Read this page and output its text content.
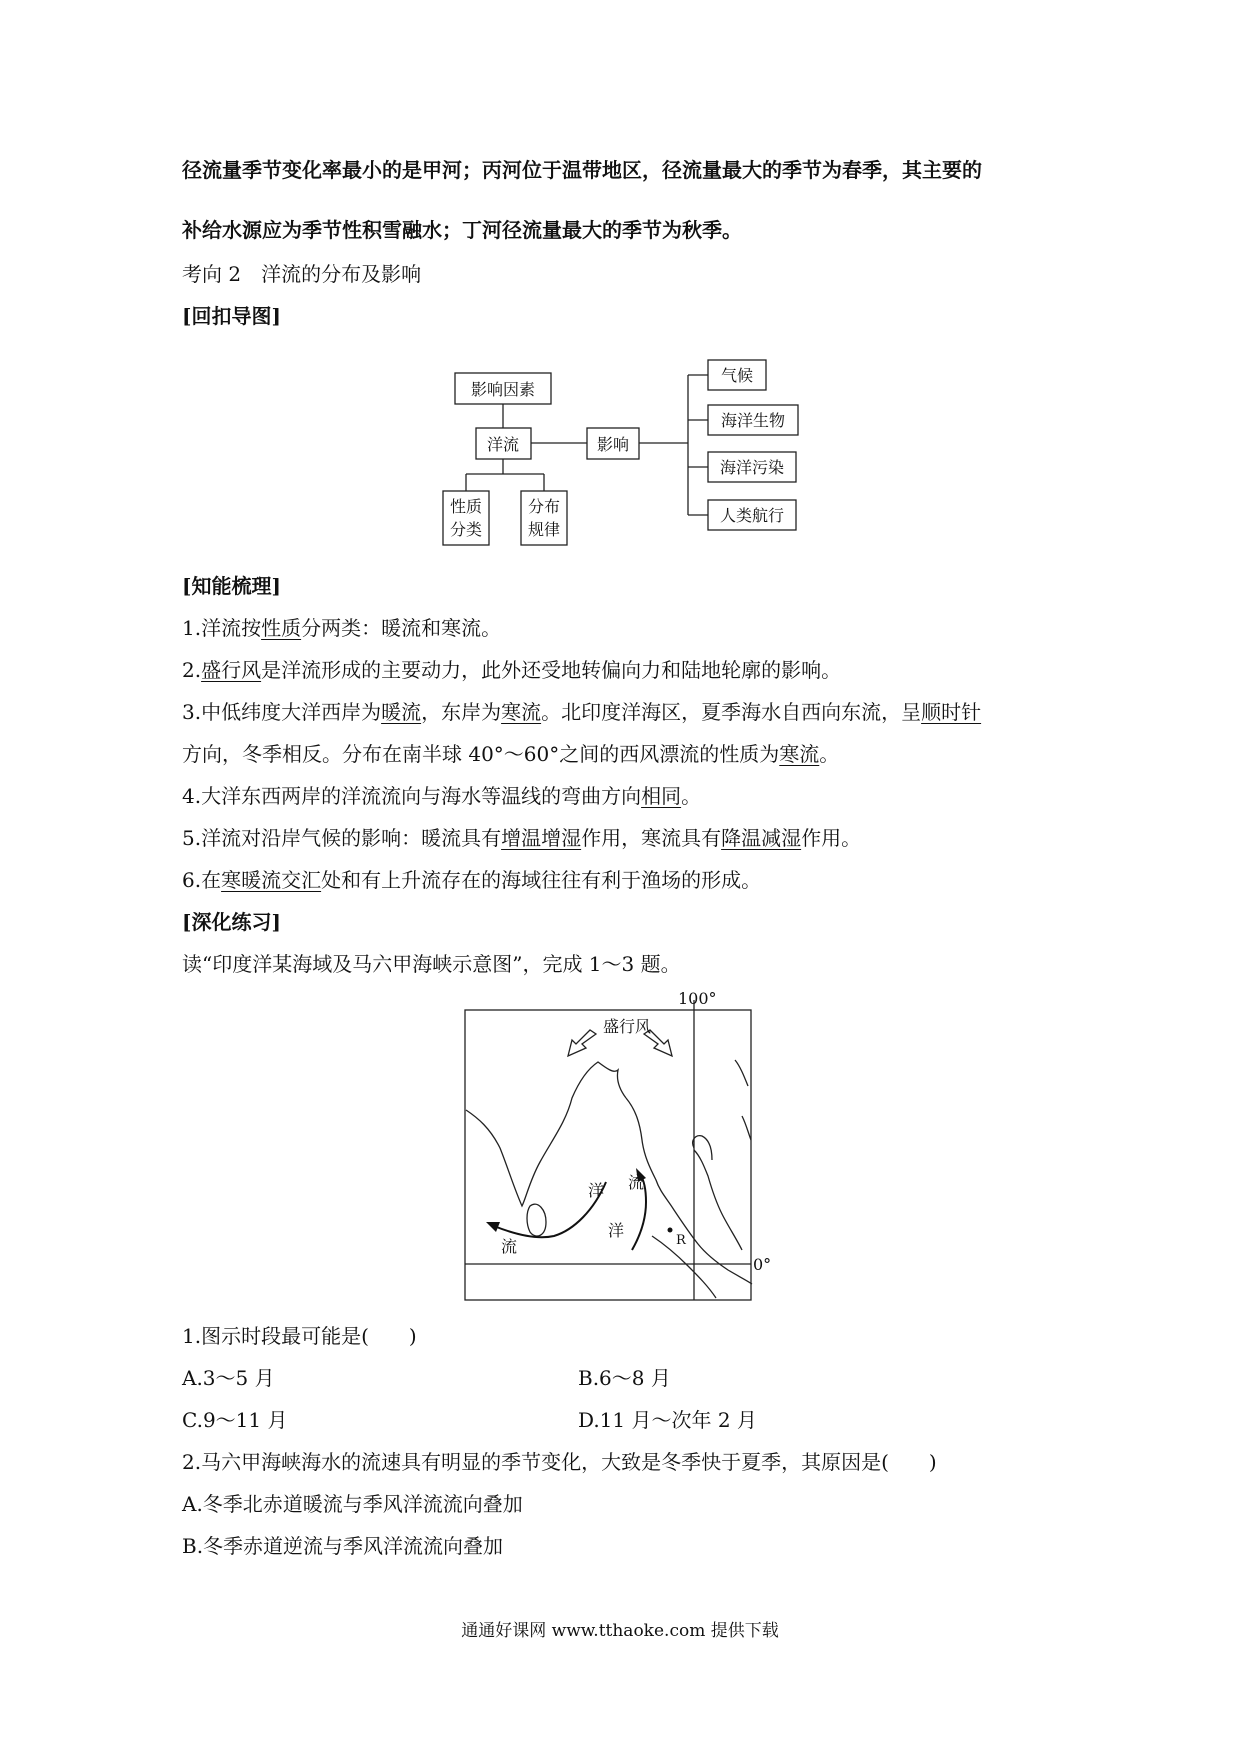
径流量季节变化率最小的是甲河；丙河位于温带地区，径流量最大的季节为春季，其主要的
补给水源应为季节性积雪融水；丁河径流量最大的季节为秋季。
考向 2　洋流的分布及影响
[回扣导图]
影响因素
洋流
性质
分类
分布
规律
影响
气候
海洋生物
海洋污染
人类航行
[知能梳理]
1.洋流按性质分两类：暖流和寒流。
2.盛行风是洋流形成的主要动力，此外还受地转偏向力和陆地轮廓的影响。
3.中低纬度大洋西岸为暖流，东岸为寒流。北印度洋海区，夏季海水自西向东流，呈顺时针
方向，冬季相反。分布在南半球 40°～60°之间的西风漂流的性质为寒流。
4.大洋东西两岸的洋流流向与海水等温线的弯曲方向相同。
5.洋流对沿岸气候的影响：暖流具有增温增湿作用，寒流具有降温减湿作用。
6.在寒暖流交汇处和有上升流存在的海域往往有利于渔场的形成。
[深化练习]
读“印度洋某海域及马六甲海峡示意图”，完成 1～3 题。
100°
0°
盛行风
洋 流
洋
流	R
1.图示时段最可能是(　　)
A.3～5 月	B.6～8 月
C.9～11 月	D.11 月～次年 2 月
2.马六甲海峡海水的流速具有明显的季节变化，大致是冬季快于夏季，其原因是(　　)
A.冬季北赤道暖流与季风洋流流向叠加
B.冬季赤道逆流与季风洋流流向叠加
通通好课网 www.tthaoke.com 提供下载
